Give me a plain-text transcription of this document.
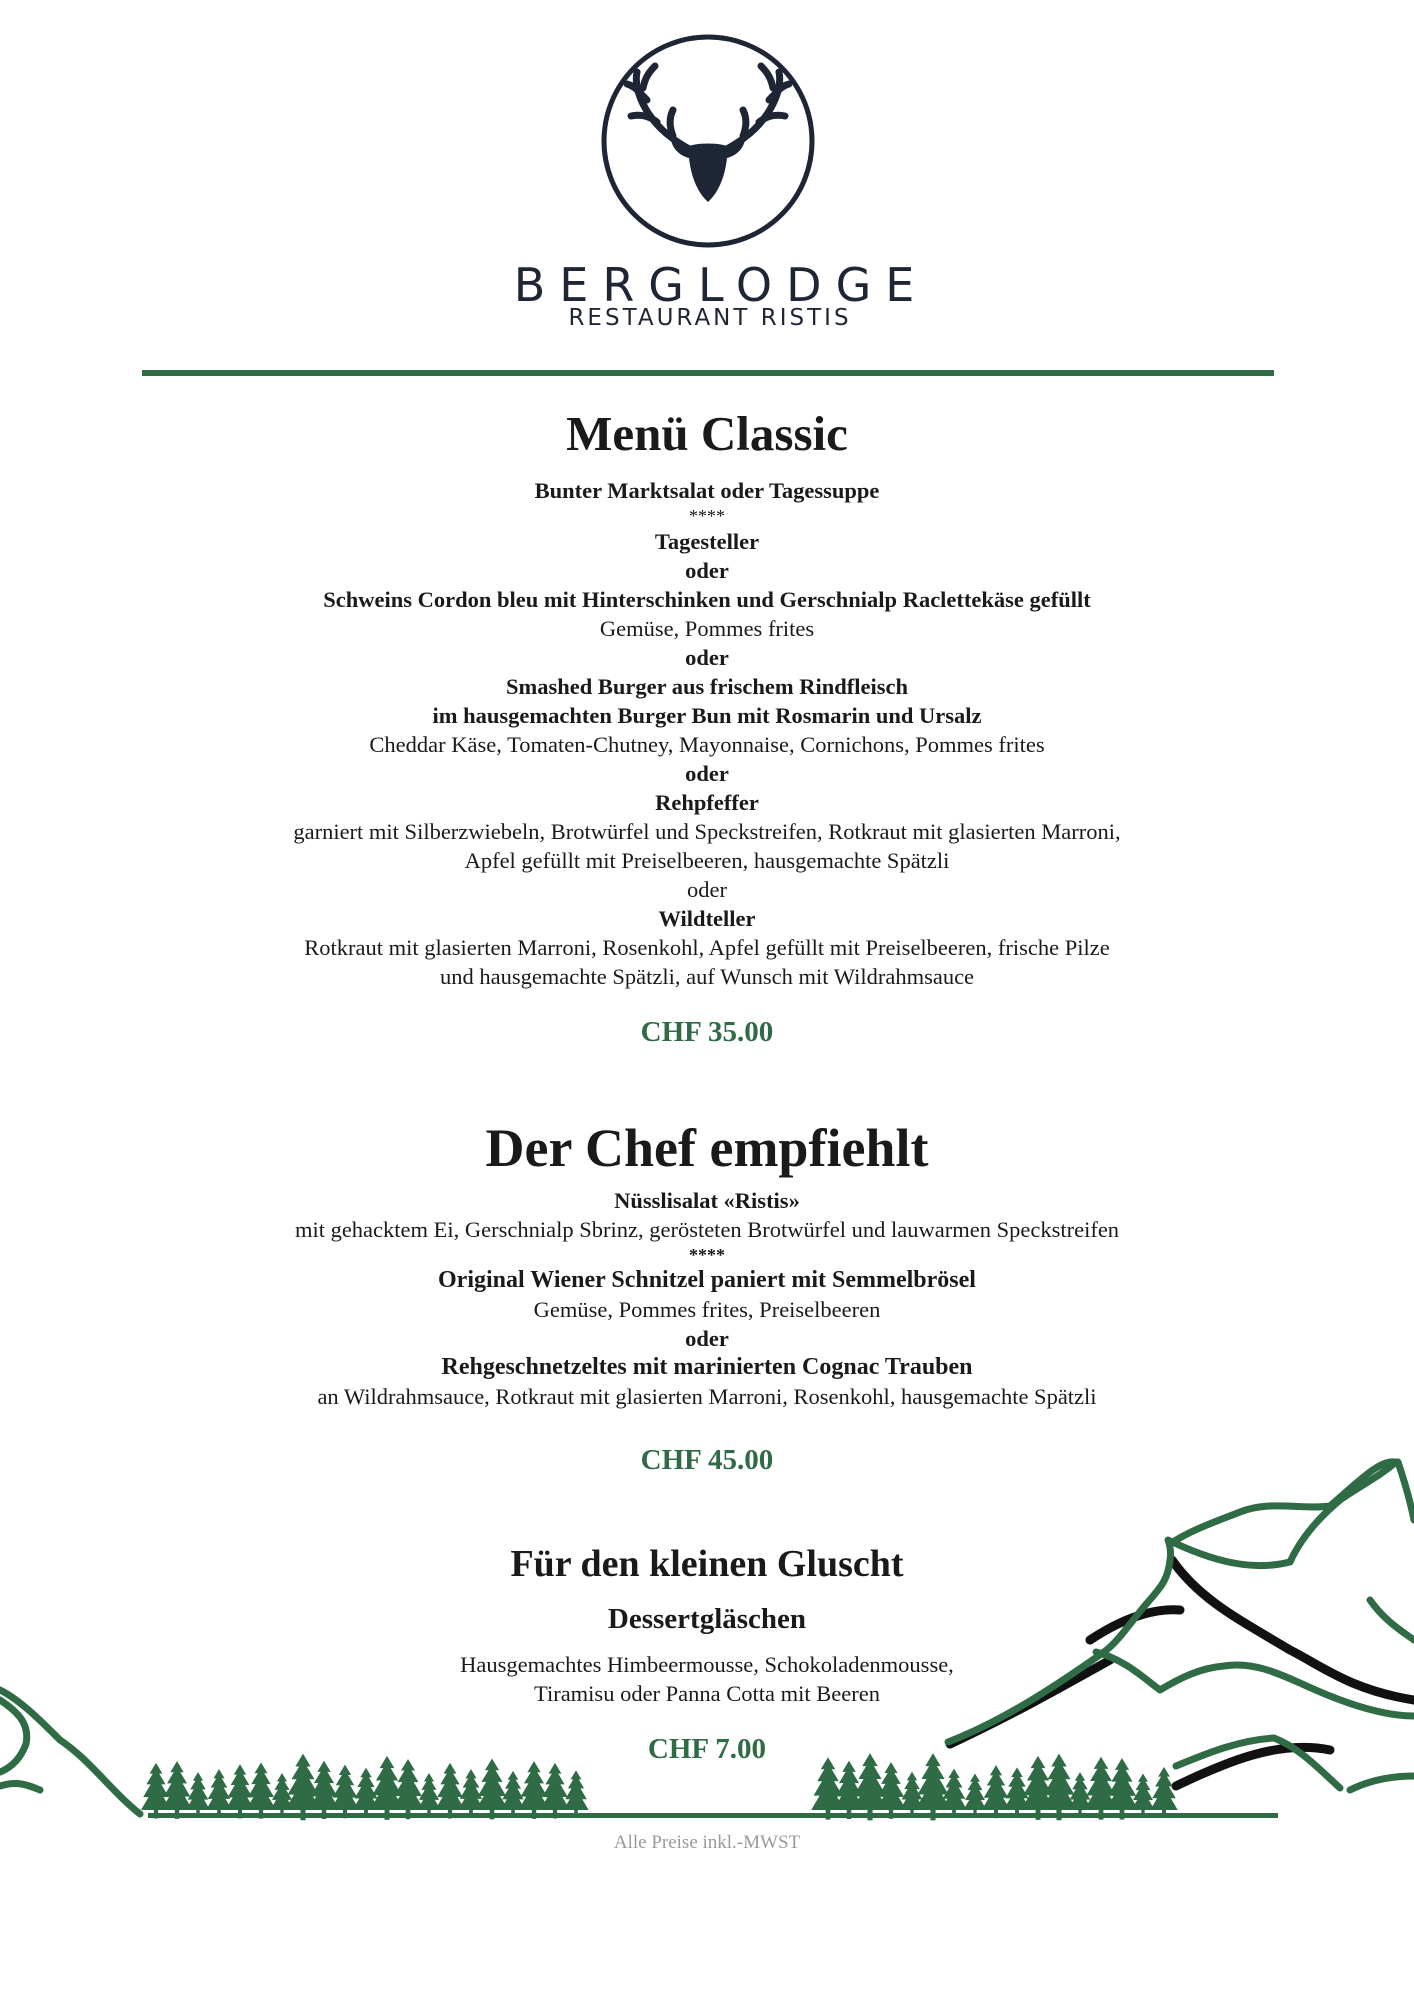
BERGLODGE
RESTAURANT RISTIS
Menü Classic

Bunter Marktsalat oder Tagessuppe

****

Tagesteller

oder

Schweins Cordon bleu mit Hinterschinken und Gerschnialp Raclettekäse gefüllt

Gemüse, Pommes frites

oder

Smashed Burger aus frischem Rindfleisch

im hausgemachten Burger Bun mit Rosmarin und Ursalz

Cheddar Käse, Tomaten-Chutney, Mayonnaise, Cornichons, Pommes frites

oder

Rehpfeffer

garniert mit Silberzwiebeln, Brotwürfel und Speckstreifen, Rotkraut mit glasierten Marroni,

Apfel gefüllt mit Preiselbeeren, hausgemachte Spätzli

oder

Wildteller

Rotkraut mit glasierten Marroni, Rosenkohl, Apfel gefüllt mit Preiselbeeren, frische Pilze

und hausgemachte Spätzli, auf Wunsch mit Wildrahmsauce

CHF 35.00

Der Chef empfiehlt

Nüsslisalat «Ristis»

mit gehacktem Ei, Gerschnialp Sbrinz, gerösteten Brotwürfel und lauwarmen Speckstreifen

****

Original Wiener Schnitzel paniert mit Semmelbrösel

Gemüse, Pommes frites, Preiselbeeren

oder

Rehgeschnetzeltes mit marinierten Cognac Trauben

an Wildrahmsauce, Rotkraut mit glasierten Marroni, Rosenkohl, hausgemachte Spätzli

CHF 45.00

Für den kleinen Gluscht

Dessertgläschen

Hausgemachtes Himbeermousse, Schokoladenmousse,

Tiramisu oder Panna Cotta mit Beeren

CHF 7.00

Alle Preise inkl.-MWST
